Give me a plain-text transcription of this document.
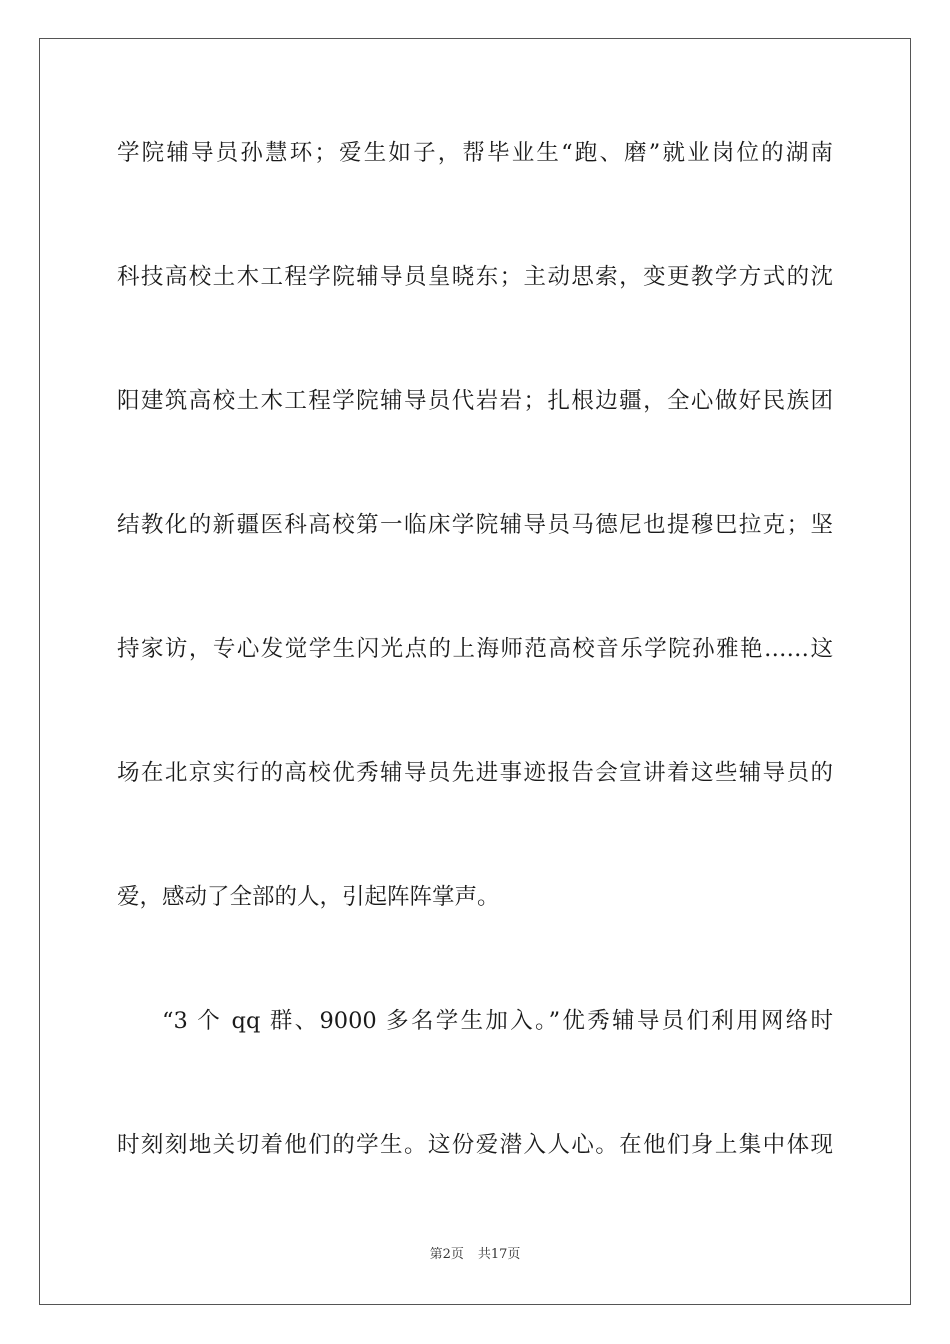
学院辅导员孙慧环；爱生如子，帮毕业生“跑、磨”就业岗位的湖南
科技高校土木工程学院辅导员皇晓东；主动思索，变更教学方式的沈
阳建筑高校土木工程学院辅导员代岩岩；扎根边疆，全心做好民族团
结教化的新疆医科高校第一临床学院辅导员马德尼也提穆巴拉克；坚
持家访，专心发觉学生闪光点的上海师范高校音乐学院孙雅艳……这
场在北京实行的高校优秀辅导员先进事迹报告会宣讲着这些辅导员的
爱，感动了全部的人，引起阵阵掌声。
“3 个 qq 群、9000 多名学生加入。”优秀辅导员们利用网络时
时刻刻地关切着他们的学生。这份爱潜入人心。在他们身上集中体现
第2页 共17页
